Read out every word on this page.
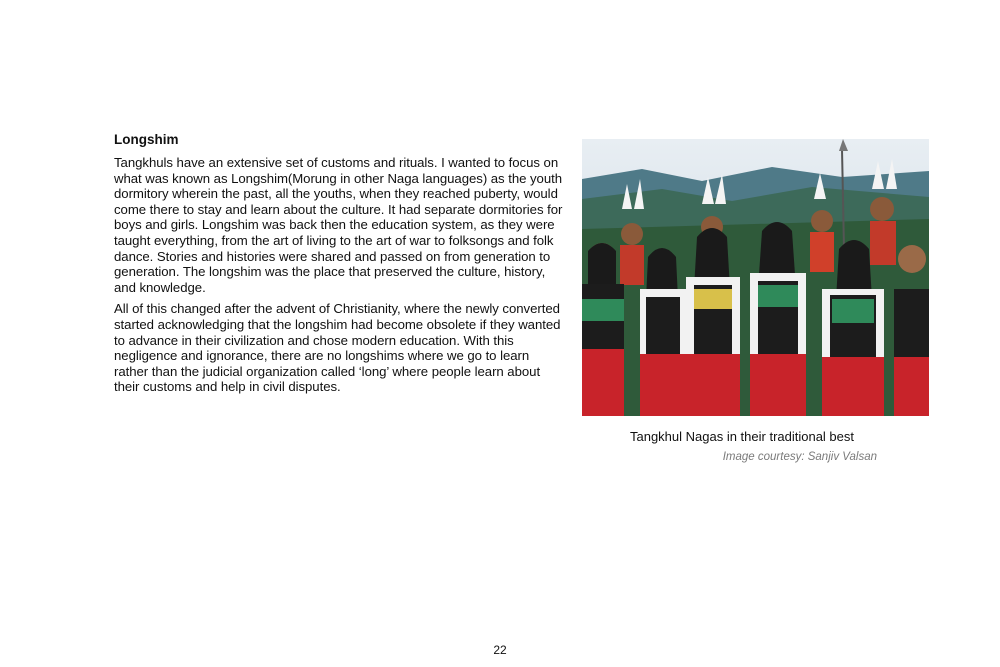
Longshim

Tangkhuls have an extensive set of customs and rituals. I wanted to focus on what was known as Longshim(Morung in other Naga languages) as the youth dormitory wherein the past, all the youths, when they reached puberty, would come there to stay and learn about the culture. It had separate dormitories for boys and girls. Longshim was back then the education system, as they were taught everything, from the art of living to the art of war to folksongs and folk dance. Stories and histories were shared and passed on from generation to generation. The longshim was the place that preserved the culture, history, and knowledge.

All of this changed after the advent of Christianity, where the newly converted started acknowledging that the longshim had become obsolete if they wanted to advance in their civilization and chose modern education. With this negligence and ignorance, there are no longshims where we go to learn rather than the judicial organization called ‘long’ where people learn about their customs and help in civil disputes.

Tangkhul Nagas in their traditional best
Image courtesy: Sanjiv Valsan
22
